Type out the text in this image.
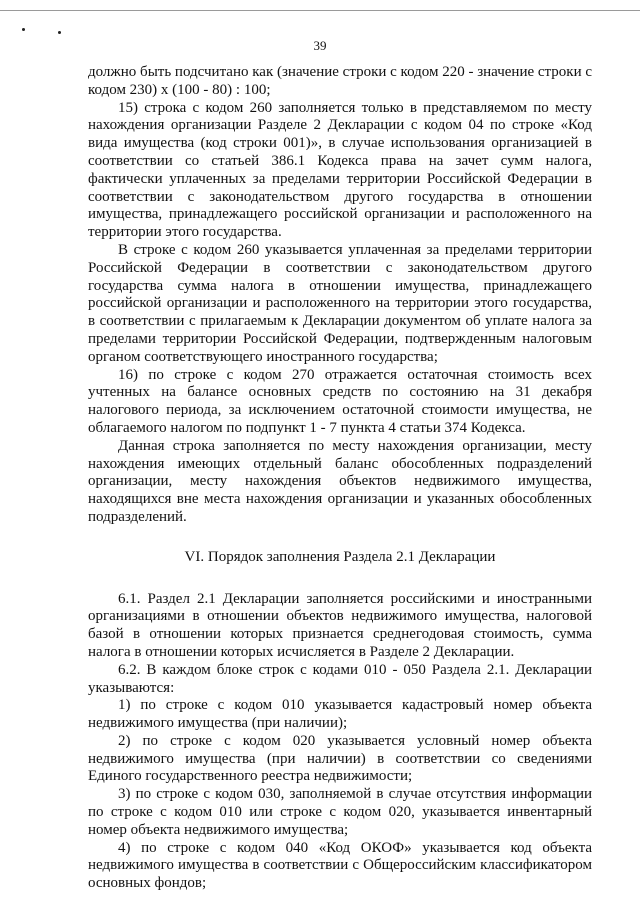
39

должно быть подсчитано как (значение строки с кодом 220 - значение строки с кодом 230) x (100 - 80) : 100;

15) строка с кодом 260 заполняется только в представляемом по месту нахождения организации Разделе 2 Декларации с кодом 04 по строке «Код вида имущества (код строки 001)», в случае использования организацией в соответствии со статьей 386.1 Кодекса права на зачет сумм налога, фактически уплаченных за пределами территории Российской Федерации в соответствии с законодательством другого государства в отношении имущества, принадлежащего российской организации и расположенного на территории этого государства.

В строке с кодом 260 указывается уплаченная за пределами территории Российской Федерации в соответствии с законодательством другого государства сумма налога в отношении имущества, принадлежащего российской организации и расположенного на территории этого государства, в соответствии с прилагаемым к Декларации документом об уплате налога за пределами территории Российской Федерации, подтвержденным налоговым органом соответствующего иностранного государства;

16) по строке с кодом 270 отражается остаточная стоимость всех учтенных на балансе основных средств по состоянию на 31 декабря налогового периода, за исключением остаточной стоимости имущества, не облагаемого налогом по подпункт 1 - 7 пункта 4 статьи 374 Кодекса.

Данная строка заполняется по месту нахождения организации, месту нахождения имеющих отдельный баланс обособленных подразделений организации, месту нахождения объектов недвижимого имущества, находящихся вне места нахождения организации и указанных обособленных подразделений.

VI. Порядок заполнения Раздела 2.1 Декларации

6.1. Раздел 2.1 Декларации заполняется российскими и иностранными организациями в отношении объектов недвижимого имущества, налоговой базой в отношении которых признается среднегодовая стоимость, сумма налога в отношении которых исчисляется в Разделе 2 Декларации.

6.2. В каждом блоке строк с кодами 010 - 050 Раздела 2.1. Декларации указываются:

1) по строке с кодом 010 указывается кадастровый номер объекта недвижимого имущества (при наличии);

2) по строке с кодом 020 указывается условный номер объекта недвижимого имущества (при наличии) в соответствии со сведениями Единого государственного реестра недвижимости;

3) по строке с кодом 030, заполняемой в случае отсутствия информации по строке с кодом 010 или строке с кодом 020, указывается инвентарный номер объекта недвижимого имущества;

4) по строке с кодом 040 «Код ОКОФ» указывается код объекта недвижимого имущества в соответствии с Общероссийским классификатором основных фондов;
